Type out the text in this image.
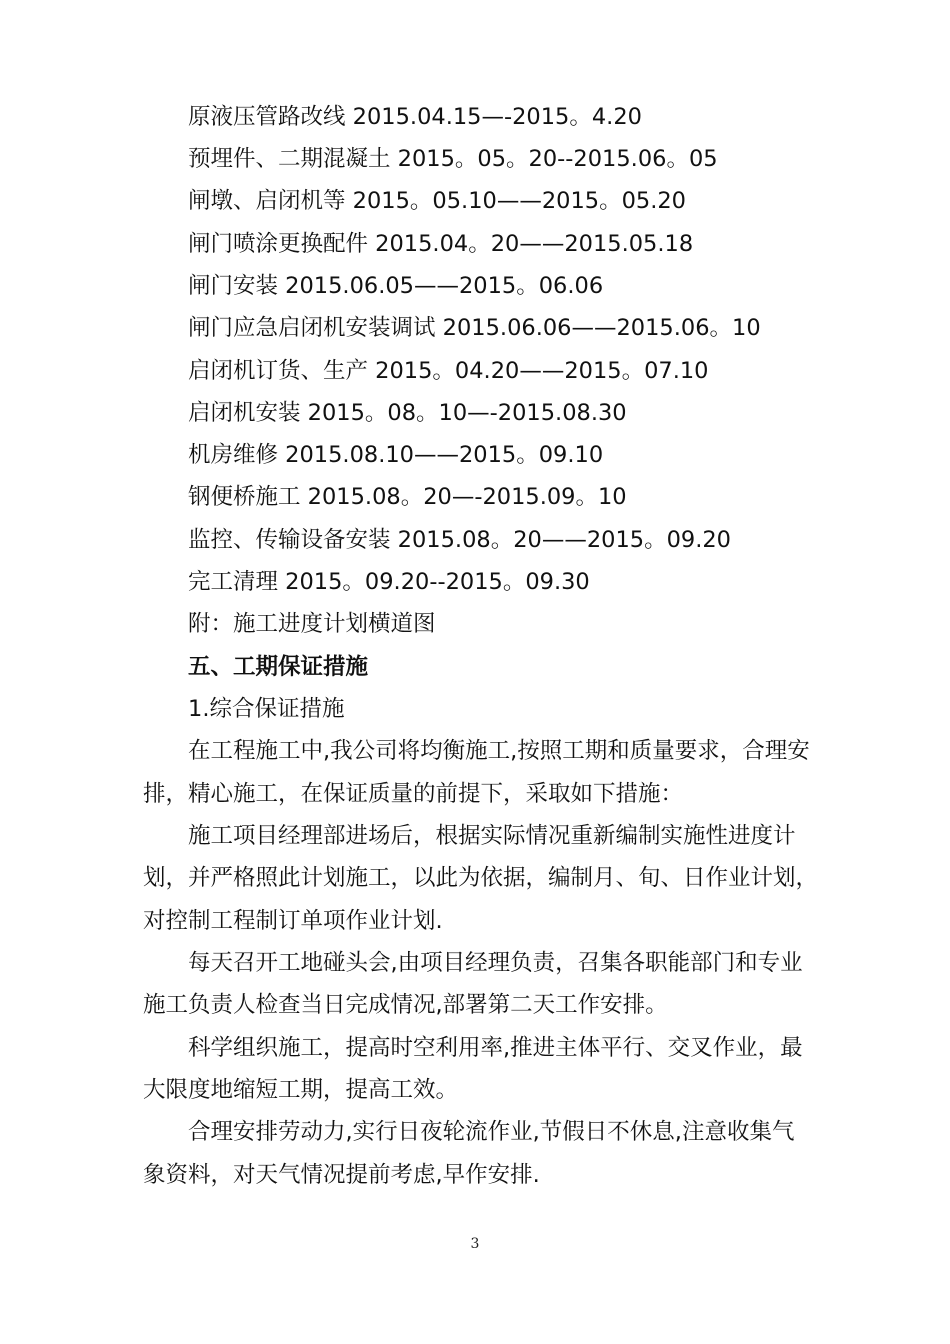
原液压管路改线 2015.04.15—-2015。4.20
预埋件、二期混凝土 2015。05。20--2015.06。05
闸墩、启闭机等 2015。05.10——2015。05.20
闸门喷涂更换配件 2015.04。20——2015.05.18
闸门安装 2015.06.05——2015。06.06
闸门应急启闭机安装调试 2015.06.06——2015.06。10
启闭机订货、生产 2015。04.20——2015。07.10
启闭机安装 2015。08。10—-2015.08.30
机房维修 2015.08.10——2015。09.10
钢便桥施工 2015.08。20—-2015.09。10
监控、传输设备安装 2015.08。20——2015。09.20
完工清理 2015。09.20--2015。09.30
附：施工进度计划横道图
五、工期保证措施
1.综合保证措施
在工程施工中,我公司将均衡施工,按照工期和质量要求，合理安
排，精心施工，在保证质量的前提下，采取如下措施：
施工项目经理部进场后，根据实际情况重新编制实施性进度计
划，并严格照此计划施工，以此为依据，编制月、旬、日作业计划，
对控制工程制订单项作业计划.
每天召开工地碰头会,由项目经理负责，召集各职能部门和专业
施工负责人检查当日完成情况,部署第二天工作安排。
科学组织施工，提高时空利用率,推进主体平行、交叉作业，最
大限度地缩短工期，提高工效。
合理安排劳动力,实行日夜轮流作业,节假日不休息,注意收集气
象资料，对天气情况提前考虑,早作安排.
3
